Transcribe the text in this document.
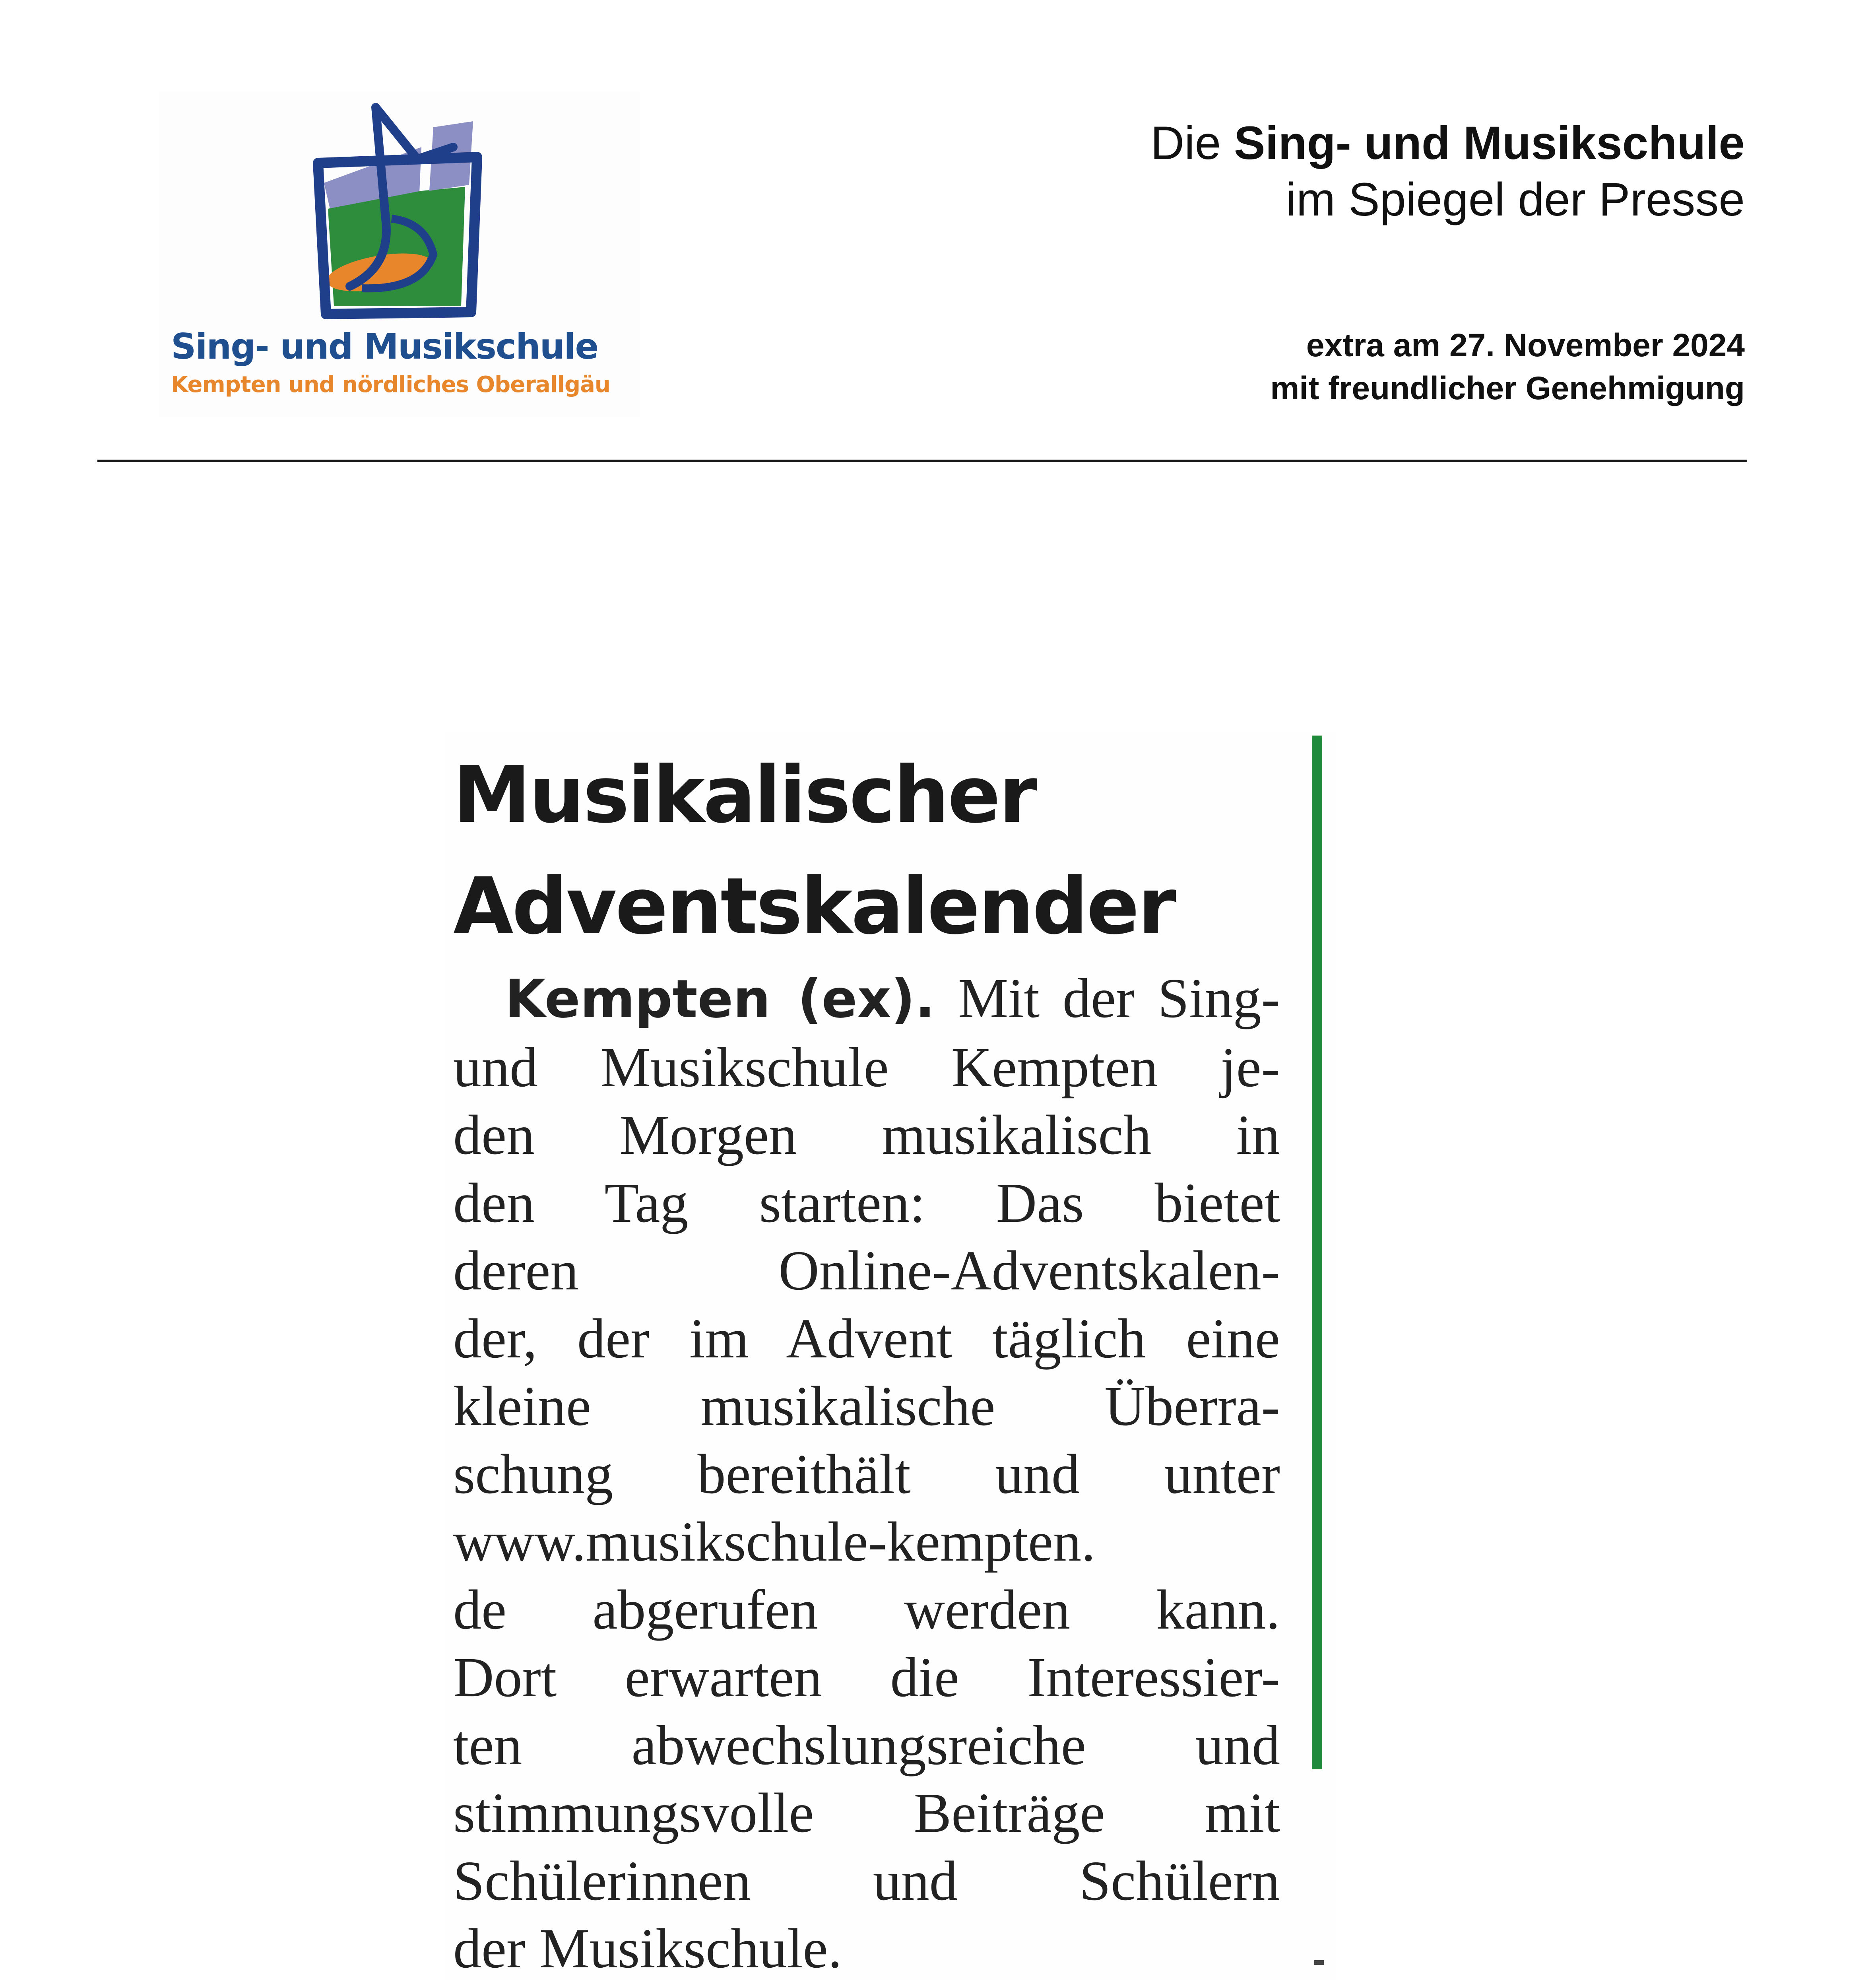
Sing- und Musikschule
Kempten und nördliches Oberallgäu
Die Sing- und Musikschule
im Spiegel der Presse
extra am 27. November 2024
mit freundlicher Genehmigung
Musikalischer
Adventskalender
Kempten (ex). Mit der Sing-
und Musikschule Kempten je-
den Morgen musikalisch in
den Tag starten: Das bietet
deren Online-Adventskalen-
der, der im Advent täglich eine
kleine musikalische Überra-
schung bereithält und unter
www.musikschule-kempten.
de abgerufen werden kann.
Dort erwarten die Interessier-
ten abwechslungsreiche und
stimmungsvolle Beiträge mit
Schülerinnen und Schülern
der Musikschule.
